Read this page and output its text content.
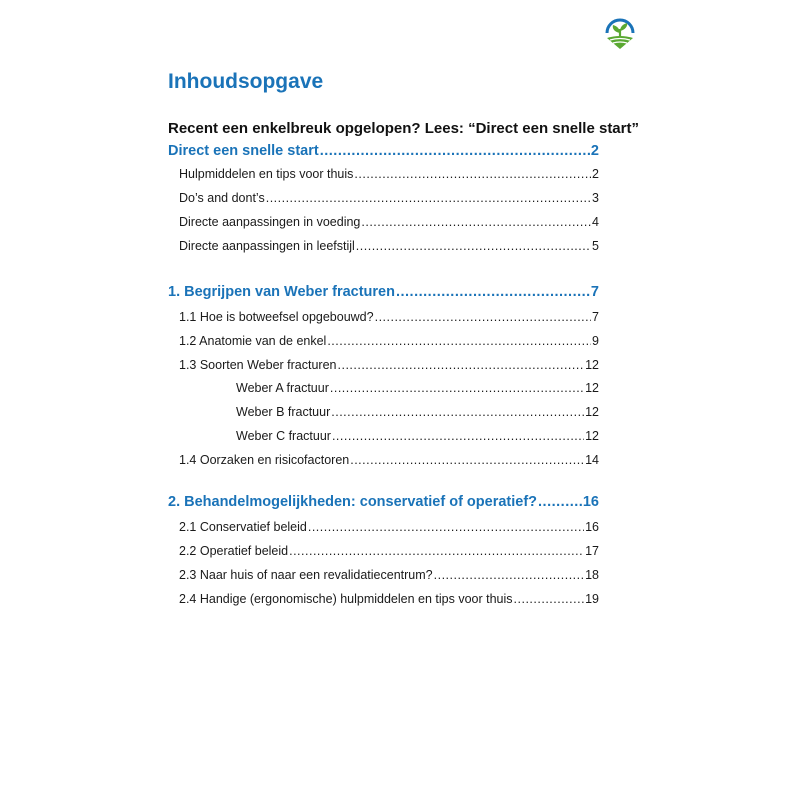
Inhoudsopgave
Recent een enkelbreuk opgelopen? Lees: “Direct een snelle start”
Direct een snelle start .....	2
Hulpmiddelen en tips voor thuis .....	2
Do’s and dont’s .....	3
Directe aanpassingen in voeding .....	4
Directe aanpassingen in leefstijl .....	5
1. Begrijpen van Weber fracturen .....	7
1.1 Hoe is botweefsel opgebouwd? .....	7
1.2 Anatomie van de enkel .....	9
1.3 Soorten Weber fracturen .....	12
Weber A fractuur .....	12
Weber B fractuur .....	12
Weber C fractuur .....	12
1.4 Oorzaken en risicofactoren .....	14
2. Behandelmogelijkheden: conservatief of operatief? .....	16
2.1 Conservatief beleid .....	16
2.2 Operatief beleid .....	17
2.3 Naar huis of naar een revalidatiecentrum? .....	18
2.4 Handige (ergonomische) hulpmiddelen en tips voor thuis .....	19
